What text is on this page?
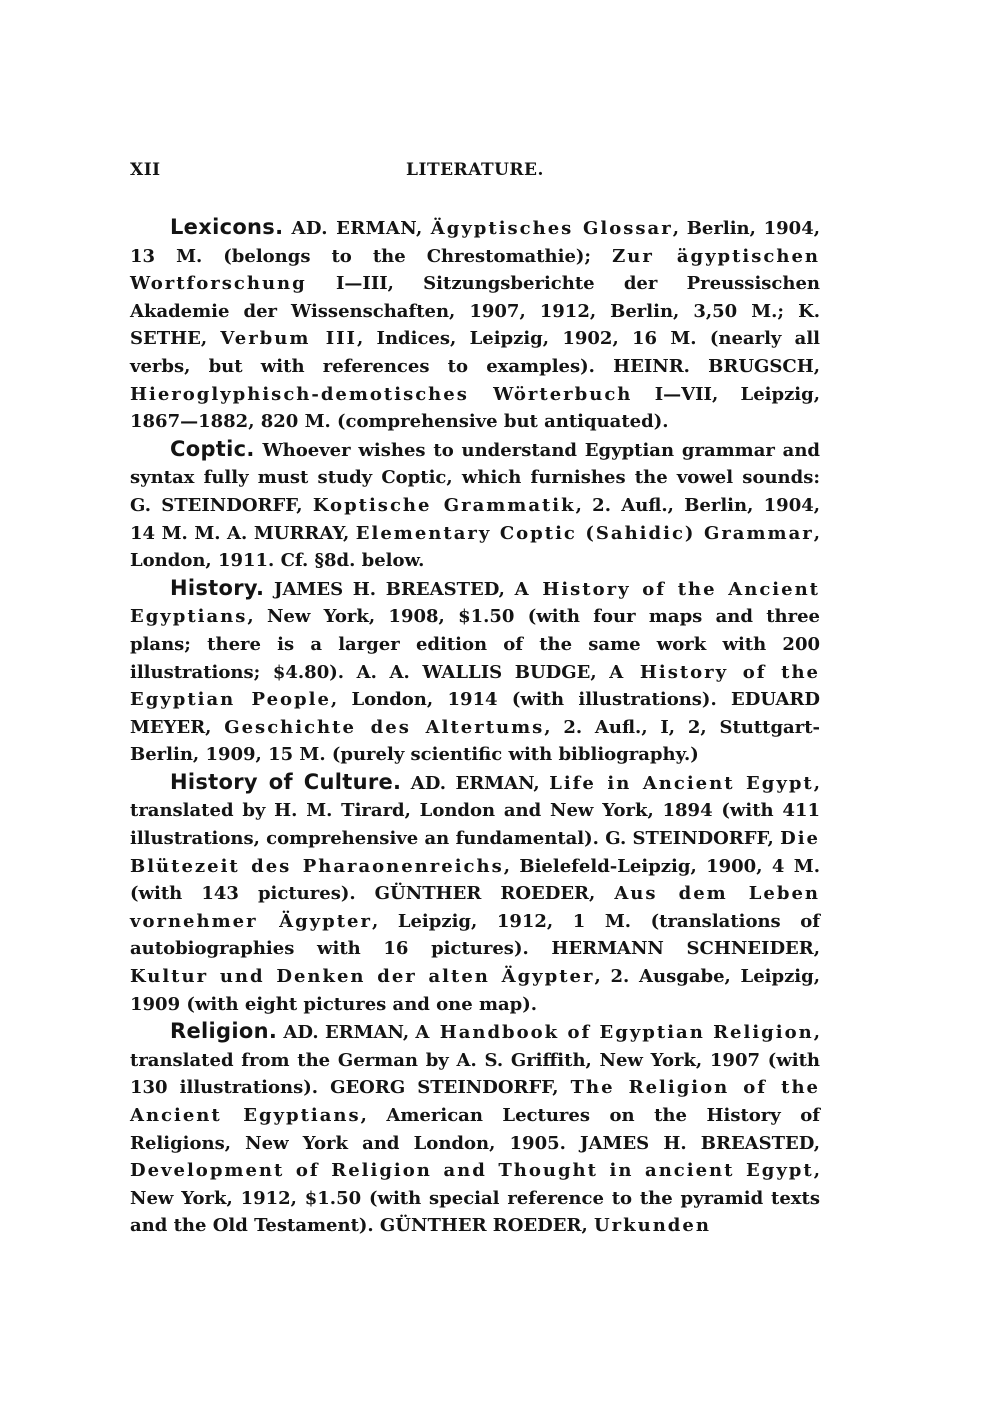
XII	LITERATURE.

Lexicons. AD. ERMAN, Ägyptisches Glossar, Berlin, 1904, 13 M. (belongs to the Chrestomathie); Zur ägyptischen Wortforschung I—III, Sitzungsberichte der Preussischen Akademie der Wissenschaften, 1907, 1912, Berlin, 3,50 M.; K. SETHE, Verbum III, Indices, Leipzig, 1902, 16 M. (nearly all verbs, but with references to examples). HEINR. BRUGSCH, Hieroglyphisch-demotisches Wörterbuch I—VII, Leipzig, 1867—1882, 820 M. (comprehensive but antiquated).

Coptic. Whoever wishes to understand Egyptian grammar and syntax fully must study Coptic, which furnishes the vowel sounds: G. STEINDORFF, Koptische Grammatik, 2. Aufl., Berlin, 1904, 14 M. M. A. MURRAY, Elementary Coptic (Sahidic) Grammar, London, 1911. Cf. §8d. below.

History. JAMES H. BREASTED, A History of the Ancient Egyptians, New York, 1908, $1.50 (with four maps and three plans; there is a larger edition of the same work with 200 illustrations; $4.80). A. A. WALLIS BUDGE, A History of the Egyptian People, London, 1914 (with illustrations). EDUARD MEYER, Geschichte des Altertums, 2. Aufl., I, 2, Stuttgart-Berlin, 1909, 15 M. (purely scientific with bibliography.)

History of Culture. AD. ERMAN, Life in Ancient Egypt, translated by H. M. Tirard, London and New York, 1894 (with 411 illustrations, comprehensive an fundamental). G. STEINDORFF, Die Blütezeit des Pharaonenreichs, Bielefeld-Leipzig, 1900, 4 M. (with 143 pictures). GÜNTHER ROEDER, Aus dem Leben vornehmer Ägypter, Leipzig, 1912, 1 M. (translations of autobiographies with 16 pictures). HERMANN SCHNEIDER, Kultur und Denken der alten Ägypter, 2. Ausgabe, Leipzig, 1909 (with eight pictures and one map).

Religion. AD. ERMAN, A Handbook of Egyptian Religion, translated from the German by A. S. Griffith, New York, 1907 (with 130 illustrations). GEORG STEINDORFF, The Religion of the Ancient Egyptians, American Lectures on the History of Religions, New York and London, 1905. JAMES H. BREASTED, Development of Religion and Thought in ancient Egypt, New York, 1912, $1.50 (with special reference to the pyramid texts and the Old Testament). GÜNTHER ROEDER, Urkunden
